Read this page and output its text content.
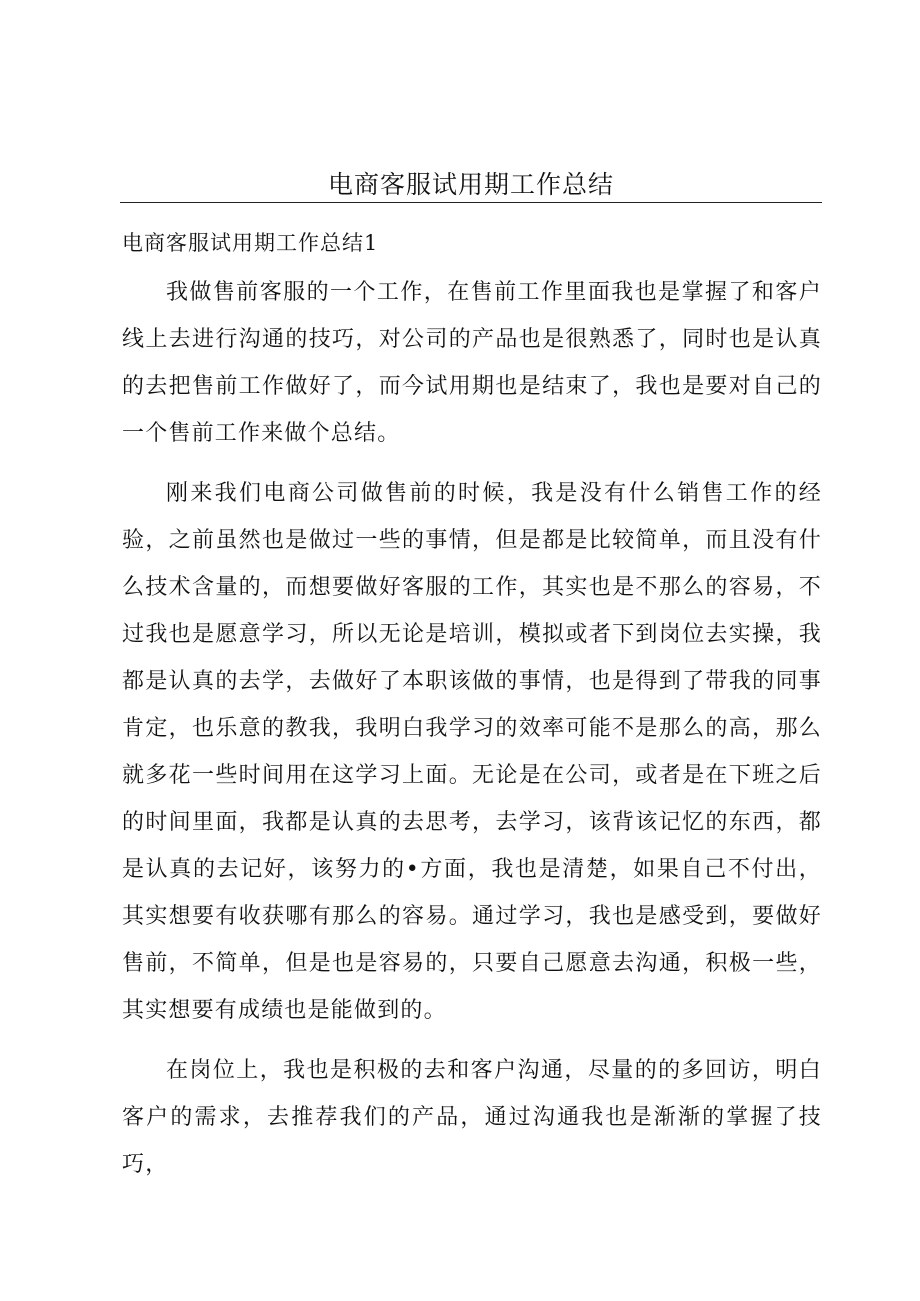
电商客服试用期工作总结
电商客服试用期工作总结1

我做售前客服的一个工作，在售前工作里面我也是掌握了和客户线上去进行沟通的技巧，对公司的产品也是很熟悉了，同时也是认真的去把售前工作做好了，而今试用期也是结束了，我也是要对自己的一个售前工作来做个总结。

刚来我们电商公司做售前的时候，我是没有什么销售工作的经验，之前虽然也是做过一些的事情，但是都是比较简单，而且没有什么技术含量的，而想要做好客服的工作，其实也是不那么的容易，不过我也是愿意学习，所以无论是培训，模拟或者下到岗位去实操，我都是认真的去学，去做好了本职该做的事情，也是得到了带我的同事肯定，也乐意的教我，我明白我学习的效率可能不是那么的高，那么就多花一些时间用在这学习上面。无论是在公司，或者是在下班之后的时间里面，我都是认真的去思考，去学习，该背该记忆的东西，都是认真的去记好，该努力的•方面，我也是清楚，如果自己不付出，其实想要有收获哪有那么的容易。通过学习，我也是感受到，要做好售前，不简单，但是也是容易的，只要自己愿意去沟通，积极一些，其实想要有成绩也是能做到的。

在岗位上，我也是积极的去和客户沟通，尽量的的多回访，明白客户的需求，去推荐我们的产品，通过沟通我也是渐渐的掌握了技巧，
